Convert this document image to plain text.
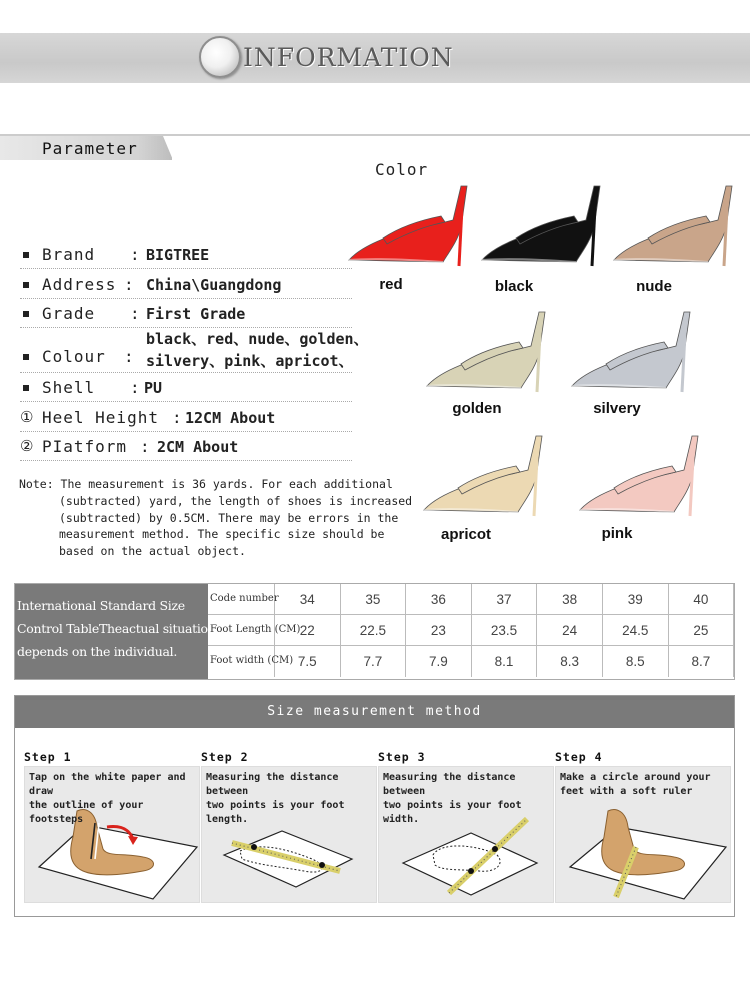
INFORMATION
Parameter
Brand : BIGTREE
Address : China\Guangdong
Grade : First Grade
Colour :
black、red、nude、golden、
silvery、pink、apricot、
Shell : PU
① Heel Height : 12CM About
② PIatform : 2CM About
Note: The measurement is 36 yards. For each additional
(subtracted) yard, the length of shoes is increased
(subtracted) by 0.5CM. There may be errors in the
measurement method. The specific size should be
based on the actual object.
Color
red	black	nude
golden	silvery
apricot	pink
International Standard Size
Control TableTheactual situation
depends on the individual.
Code number	34	35	36	37	38	39	40
Foot Length (CM) 22	22.5	23	23.5	24	24.5	25
Foot width (CM) 7.5	7.7	7.9	8.1	8.3	8.5	8.7
Size measurement method
Step 1
Tap on the white paper and draw
the outline of your footsteps
Step 2
Measuring the distance between
two points is your foot length.
Step 3
Measuring the distance between
two points is your foot width.
Step 4
Make a circle around your
feet with a soft ruler
